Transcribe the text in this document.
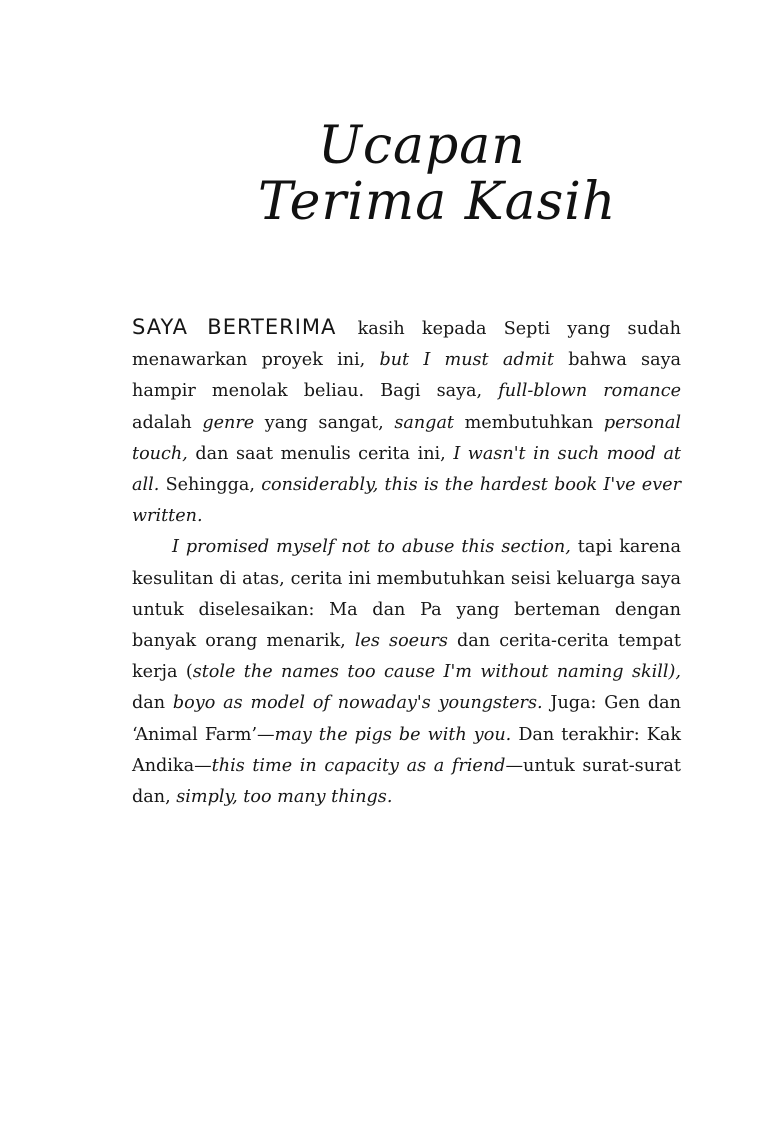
Ucapan
Terima Kasih

SAYA BERTERIMA kasih kepada Septi yang sudah menawarkan proyek ini, but I must admit bahwa saya hampir menolak beliau. Bagi saya, full-blown romance adalah genre yang sangat, sangat membutuhkan personal touch, dan saat menulis cerita ini, I wasn't in such mood at all. Sehingga, considerably, this is the hardest book I've ever written.

I promised myself not to abuse this section, tapi karena kesulitan di atas, cerita ini membutuhkan seisi keluarga saya untuk diselesaikan: Ma dan Pa yang berteman dengan banyak orang menarik, les soeurs dan cerita-cerita tempat kerja (stole the names too cause I'm without naming skill), dan boyo as model of nowaday's youngsters. Juga: Gen dan ‘Animal Farm’—may the pigs be with you. Dan terakhir: Kak Andika—this time in capacity as a friend—untuk surat-surat dan, simply, too many things.
